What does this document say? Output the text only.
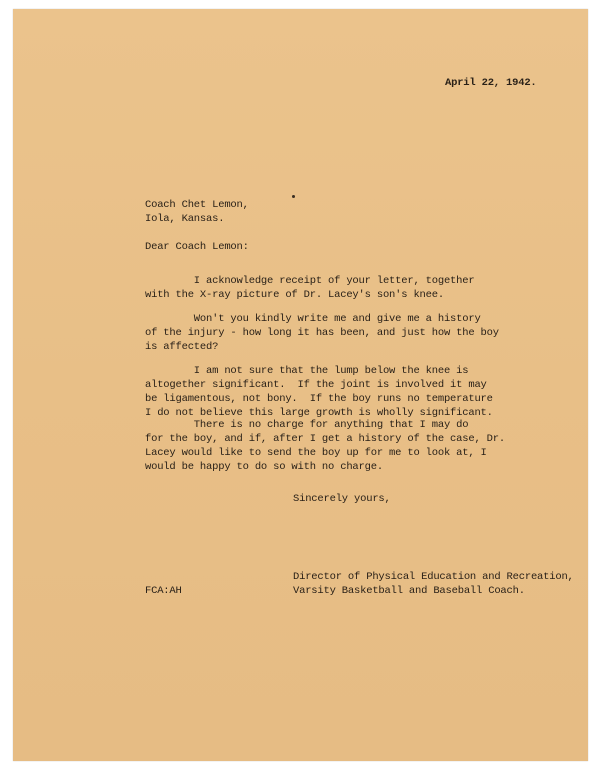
April 22, 1942.
Coach Chet Lemon,
Iola, Kansas.
Dear Coach Lemon:
I acknowledge receipt of your letter, together
with the X-ray picture of Dr. Lacey's son's knee.
Won't you kindly write me and give me a history
of the injury - how long it has been, and just how the boy
is affected?
I am not sure that the lump below the knee is
altogether significant.  If the joint is involved it may
be ligamentous, not bony.  If the boy runs no temperature
I do not believe this large growth is wholly significant.
There is no charge for anything that I may do
for the boy, and if, after I get a history of the case, Dr.
Lacey would like to send the boy up for me to look at, I
would be happy to do so with no charge.
Sincerely yours,
Director of Physical Education and Recreation,
Varsity Basketball and Baseball Coach.
FCA:AH
